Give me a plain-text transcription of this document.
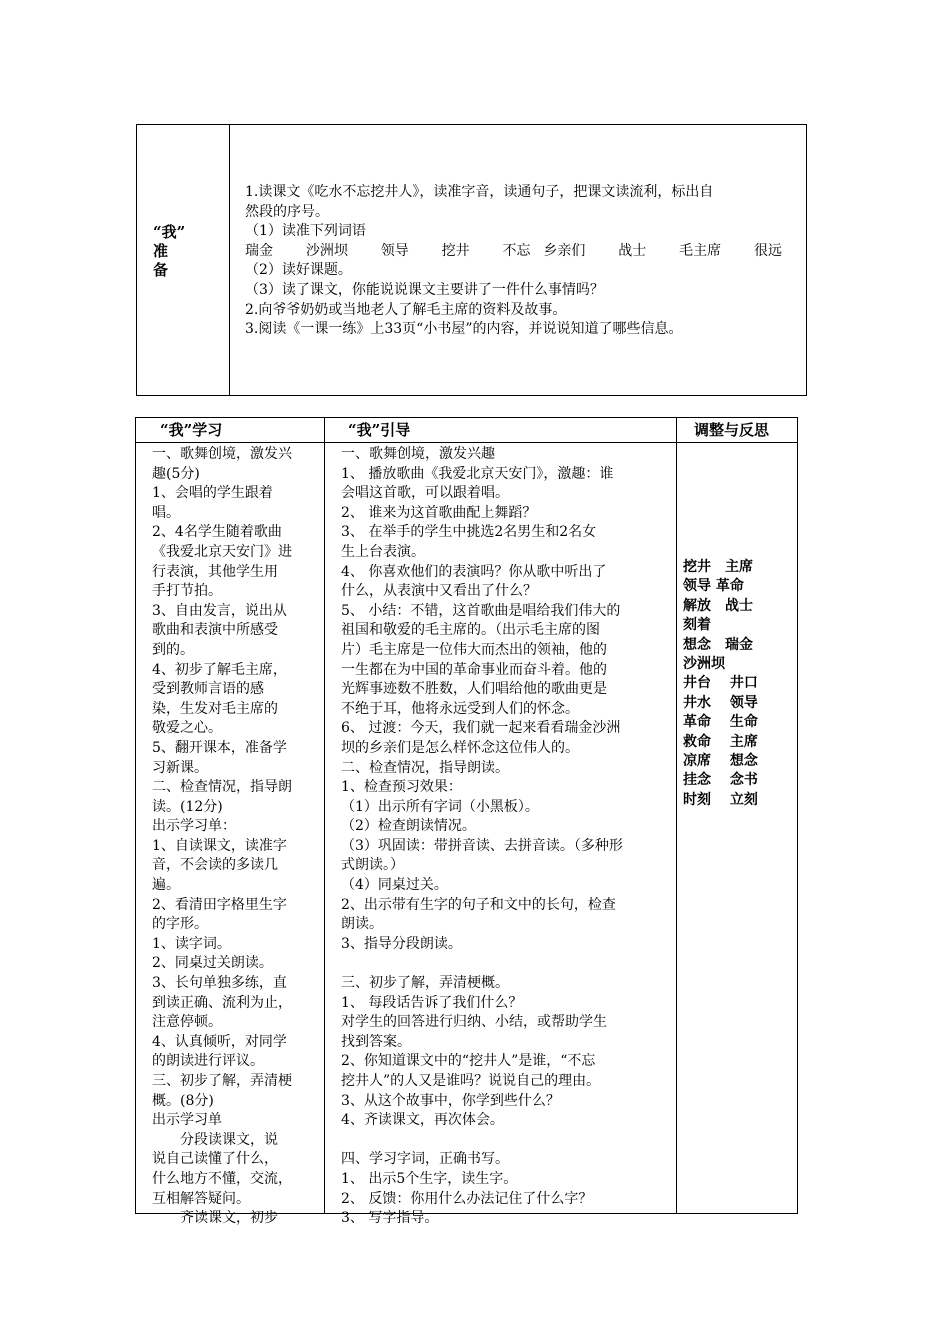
“我”
准
备
1.读课文《吃水不忘挖井人》，读准字音，读通句子，把课文读流利，标出自
然段的序号。
（1）读准下列词语
瑞金 沙洲坝 领导 挖井 不忘 乡亲们 战士 毛主席 很远
（2）读好课题。
（3）读了课文，你能说说课文主要讲了一件什么事情吗？
2.向爷爷奶奶或当地老人了解毛主席的资料及故事。
3.阅读《一课一练》上33页“小书屋”的内容，并说说知道了哪些信息。
“我”学习	“我”引导	调整与反思
一、歌舞创境，激发兴
趣(5分)
1、会唱的学生跟着
唱。
2、4名学生随着歌曲
《我爱北京天安门》进
行表演，其他学生用
手打节拍。
3、自由发言，说出从
歌曲和表演中所感受
到的。
4、初步了解毛主席，
受到教师言语的感
染，生发对毛主席的
敬爱之心。
5、翻开课本，准备学
习新课。
二、检查情况，指导朗
读。(12分)
出示学习单：
1、自读课文，读准字
音，不会读的多读几
遍。
2、看清田字格里生字
的字形。
1、读字词。
2、同桌过关朗读。
3、长句单独多练，直
到读正确、流利为止，
注意停顿。
4、认真倾听，对同学
的朗读进行评议。
三、初步了解，弄清梗
概。(8分)
出示学习单
　　分段读课文，说
说自己读懂了什么，
什么地方不懂，交流，
互相解答疑问。
　　齐读课文，初步
一、歌舞创境，激发兴趣
1、 播放歌曲《我爱北京天安门》，激趣：谁
会唱这首歌，可以跟着唱。
2、 谁来为这首歌曲配上舞蹈？
3、 在举手的学生中挑选2名男生和2名女
生上台表演。
4、 你喜欢他们的表演吗？你从歌中听出了
什么，从表演中又看出了什么？
5、 小结：不错，这首歌曲是唱给我们伟大的
祖国和敬爱的毛主席的。（出示毛主席的图
片）毛主席是一位伟大而杰出的领袖，他的
一生都在为中国的革命事业而奋斗着。他的
光辉事迹数不胜数，人们唱给他的歌曲更是
不绝于耳，他将永远受到人们的怀念。
6、 过渡：今天，我们就一起来看看瑞金沙洲
坝的乡亲们是怎么样怀念这位伟人的。
二、检查情况，指导朗读。
1、检查预习效果：
（1）出示所有字词（小黑板）。
（2）检查朗读情况。
（3）巩固读：带拼音读、去拼音读。（多种形
式朗读。）
（4）同桌过关。
2、出示带有生字的句子和文中的长句，检查
朗读。
3、指导分段朗读。

三、初步了解，弄清梗概。
1、 每段话告诉了我们什么？
对学生的回答进行归纳、小结，或帮助学生
找到答案。
2、你知道课文中的“挖井人”是谁，“不忘
挖井人”的人又是谁吗？说说自己的理由。
3、从这个故事中，你学到些什么？
4、齐读课文，再次体会。

四、学习字词，正确书写。
1、 出示5个生字，读生字。
2、 反馈：你用什么办法记住了什么字？
3、 写字指导。
挖井　主席
领导 革命
解放　战士
刻着
想念　瑞金
沙洲坝
井台　 井口
井水　 领导
革命　 生命
救命　 主席
凉席　 想念
挂念　 念书
时刻　 立刻
